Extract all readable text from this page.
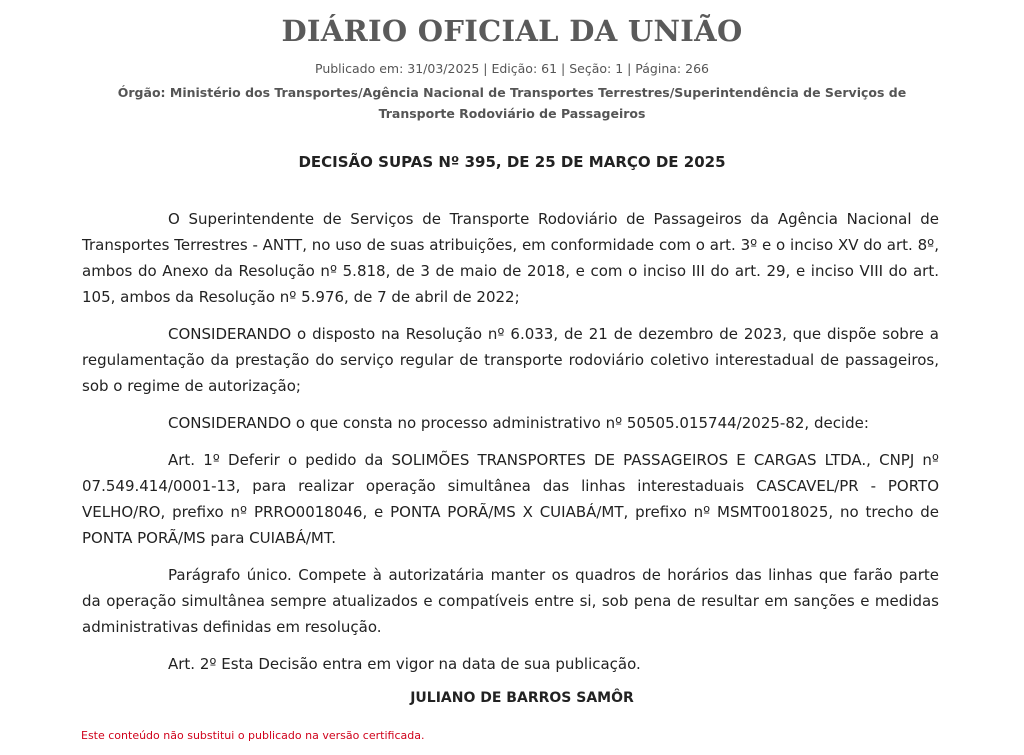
DIÁRIO OFICIAL DA UNIÃO
Publicado em: 31/03/2025 | Edição: 61 | Seção: 1 | Página: 266
Órgão: Ministério dos Transportes/Agência Nacional de Transportes Terrestres/Superintendência de Serviços de Transporte Rodoviário de Passageiros
DECISÃO SUPAS Nº 395, DE 25 DE MARÇO DE 2025

O Superintendente de Serviços de Transporte Rodoviário de Passageiros da Agência Nacional de Transportes Terrestres - ANTT, no uso de suas atribuições, em conformidade com o art. 3º e o inciso XV do art. 8º, ambos do Anexo da Resolução nº 5.818, de 3 de maio de 2018, e com o inciso III do art. 29, e inciso VIII do art. 105, ambos da Resolução nº 5.976, de 7 de abril de 2022;

CONSIDERANDO o disposto na Resolução nº 6.033, de 21 de dezembro de 2023, que dispõe sobre a regulamentação da prestação do serviço regular de transporte rodoviário coletivo interestadual de passageiros, sob o regime de autorização;

CONSIDERANDO o que consta no processo administrativo nº 50505.015744/2025-82, decide:

Art. 1º Deferir o pedido da SOLIMÕES TRANSPORTES DE PASSAGEIROS E CARGAS LTDA., CNPJ nº 07.549.414/0001-13, para realizar operação simultânea das linhas interestaduais CASCAVEL/PR - PORTO VELHO/RO, prefixo nº PRRO0018046, e PONTA PORÃ/MS X CUIABÁ/MT, prefixo nº MSMT0018025, no trecho de PONTA PORÃ/MS para CUIABÁ/MT.

Parágrafo único. Compete à autorizatária manter os quadros de horários das linhas que farão parte da operação simultânea sempre atualizados e compatíveis entre si, sob pena de resultar em sanções e medidas administrativas definidas em resolução.

Art. 2º Esta Decisão entra em vigor na data de sua publicação.

JULIANO DE BARROS SAMÔR
Este conteúdo não substitui o publicado na versão certificada.
